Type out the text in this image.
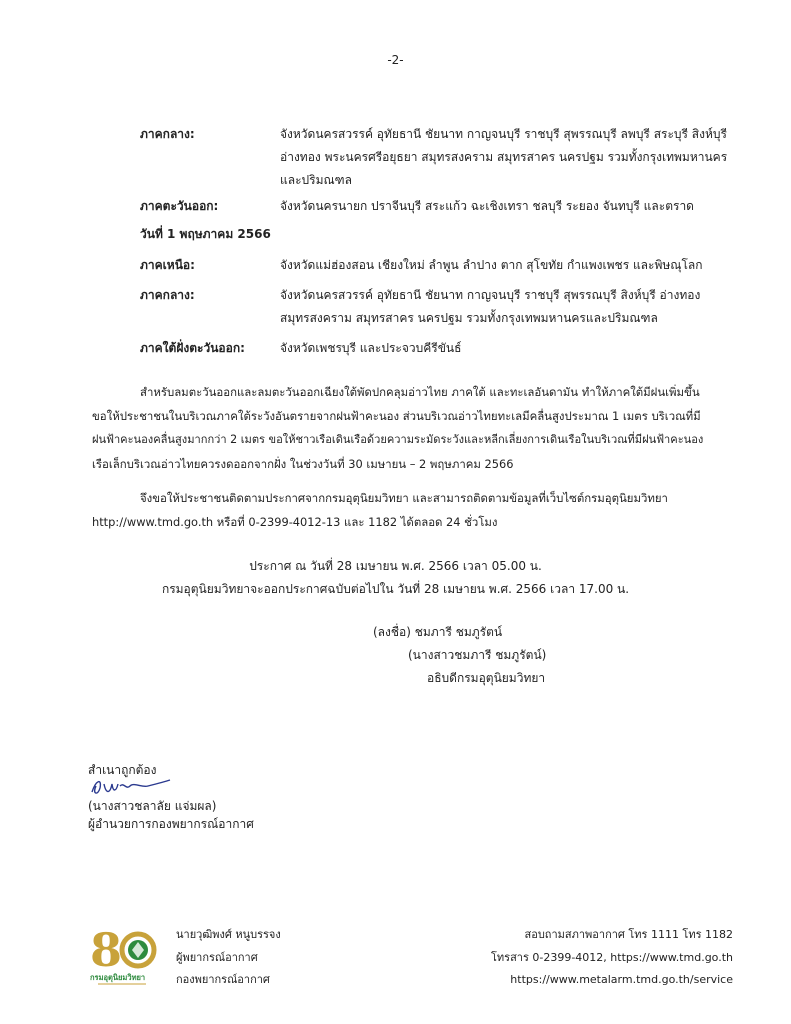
-2-
ภาคกลาง:	จังหวัดนครสวรรค์ อุทัยธานี ชัยนาท กาญจนบุรี ราชบุรี สุพรรณบุรี ลพบุรี สระบุรี สิงห์บุรี
อ่างทอง พระนครศรีอยุธยา สมุทรสงคราม สมุทรสาคร นครปฐม รวมทั้งกรุงเทพมหานคร
และปริมณฑล
ภาคตะวันออก:	จังหวัดนครนายก ปราจีนบุรี สระแก้ว ฉะเชิงเทรา ชลบุรี ระยอง จันทบุรี และตราด
วันที่ 1 พฤษภาคม 2566
ภาคเหนือ:	จังหวัดแม่ฮ่องสอน เชียงใหม่ ลำพูน ลำปาง ตาก สุโขทัย กำแพงเพชร และพิษณุโลก
ภาคกลาง:	จังหวัดนครสวรรค์ อุทัยธานี ชัยนาท กาญจนบุรี ราชบุรี สุพรรณบุรี สิงห์บุรี อ่างทอง
สมุทรสงคราม สมุทรสาคร นครปฐม รวมทั้งกรุงเทพมหานครและปริมณฑล
ภาคใต้ฝั่งตะวันออก:	จังหวัดเพชรบุรี และประจวบคีรีขันธ์
สำหรับลมตะวันออกและลมตะวันออกเฉียงใต้พัดปกคลุมอ่าวไทย ภาคใต้ และทะเลอันดามัน ทำให้ภาคใต้มีฝนเพิ่มขึ้น
ขอให้ประชาชนในบริเวณภาคใต้ระวังอันตรายจากฝนฟ้าคะนอง ส่วนบริเวณอ่าวไทยทะเลมีคลื่นสูงประมาณ 1 เมตร บริเวณที่มี
ฝนฟ้าคะนองคลื่นสูงมากกว่า 2 เมตร ขอให้ชาวเรือเดินเรือด้วยความระมัดระวังและหลีกเลี่ยงการเดินเรือในบริเวณที่มีฝนฟ้าคะนอง
เรือเล็กบริเวณอ่าวไทยควรงดออกจากฝั่ง ในช่วงวันที่ 30 เมษายน – 2 พฤษภาคม 2566
จึงขอให้ประชาชนติดตามประกาศจากกรมอุตุนิยมวิทยา และสามารถติดตามข้อมูลที่เว็บไซต์กรมอุตุนิยมวิทยา
http://www.tmd.go.th หรือที่ 0-2399-4012-13 และ 1182 ได้ตลอด 24 ชั่วโมง
ประกาศ ณ วันที่ 28 เมษายน พ.ศ. 2566 เวลา 05.00 น.
กรมอุตุนิยมวิทยาจะออกประกาศฉบับต่อไปใน วันที่ 28 เมษายน พ.ศ. 2566 เวลา 17.00 น.
(ลงชื่อ) ชมภารี ชมภูรัตน์
(นางสาวชมภารี ชมภูรัตน์)
อธิบดีกรมอุตุนิยมวิทยา
สำเนาถูกต้อง
(นางสาวชลาลัย แจ่มผล)
ผู้อำนวยการกองพยากรณ์อากาศ
8
กรมอุตุนิยมวิทยา
นายวุฒิพงศ์ หนูบรรจง
ผู้พยากรณ์อากาศ
กองพยากรณ์อากาศ
สอบถามสภาพอากาศ โทร 1111 โทร 1182
โทรสาร 0-2399-4012, https://www.tmd.go.th
https://www.metalarm.tmd.go.th/service
